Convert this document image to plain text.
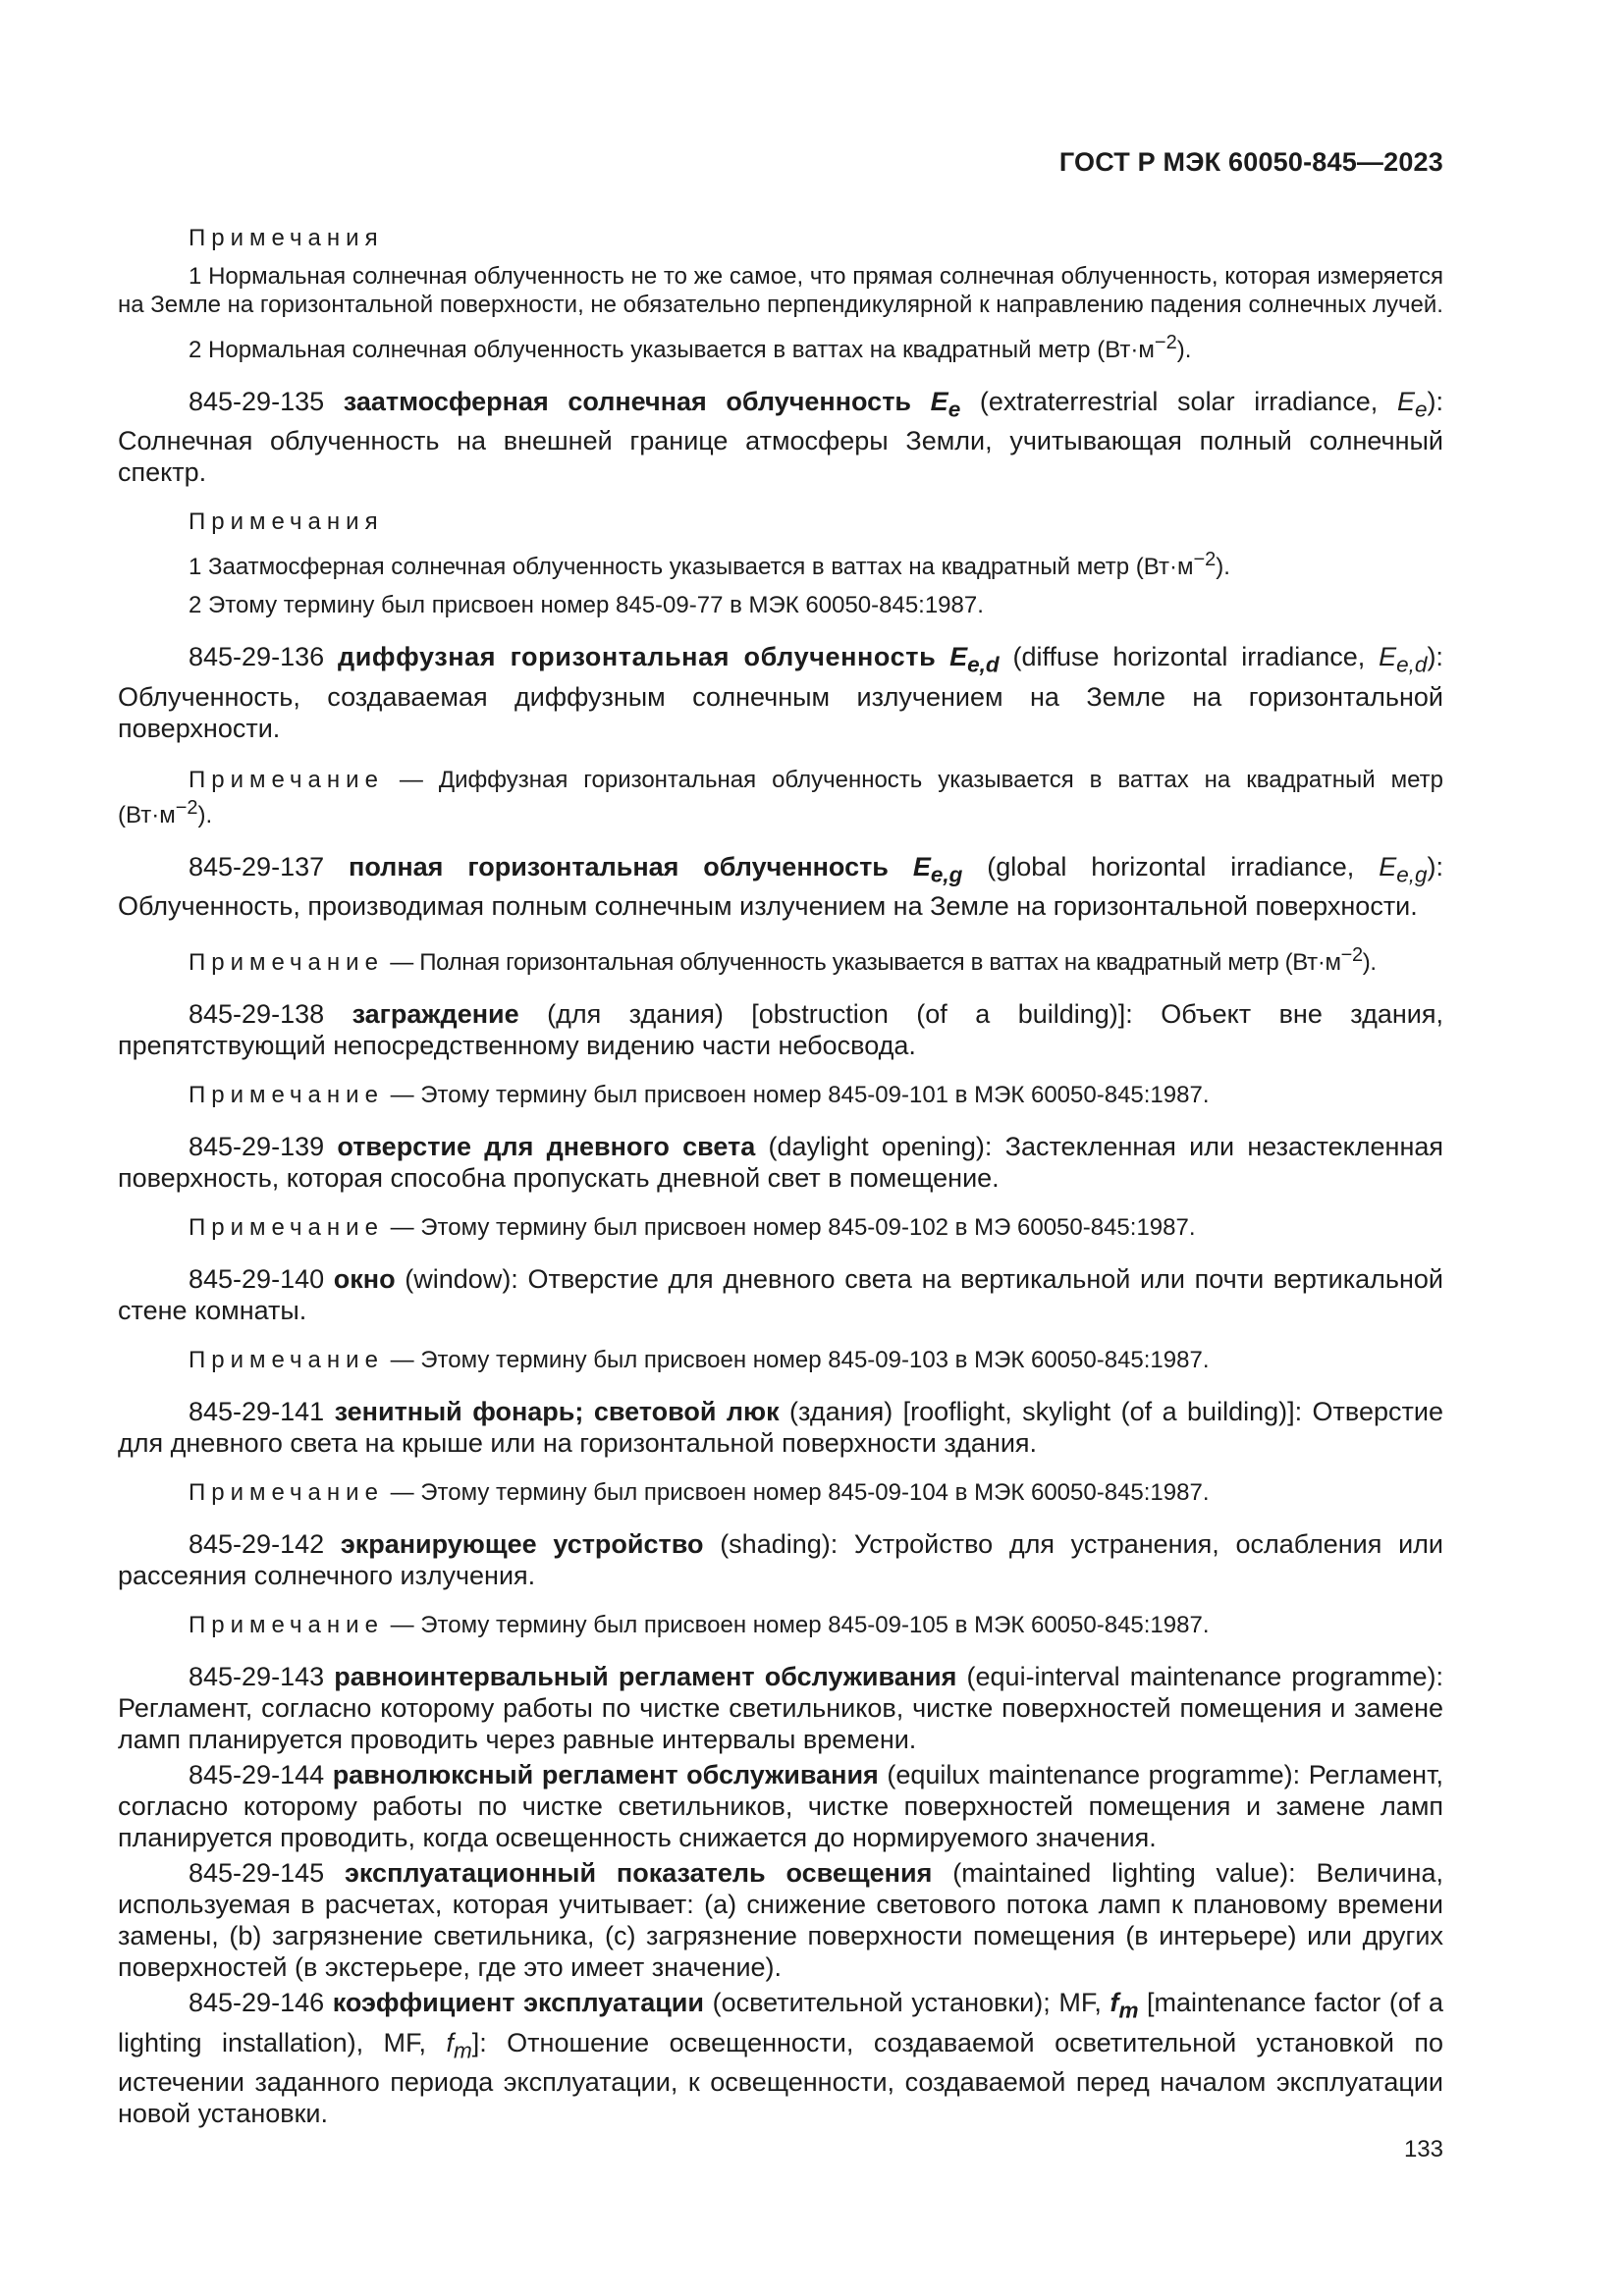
ГОСТ Р МЭК 60050-845—2023

Примечания

1 Нормальная солнечная облученность не то же самое, что прямая солнечная облученность, которая измеряется на Земле на горизонтальной поверхности, не обязательно перпендикулярной к направлению падения солнечных лучей.

2 Нормальная солнечная облученность указывается в ваттах на квадратный метр $(Вт\cdot м^{-2})$.

845-29-135 заатмосферная солнечная облученность $E_e$ (extraterrestrial solar irradiance, $E_e$): Солнечная облученность на внешней границе атмосферы Земли, учитывающая полный солнечный спектр.

Примечания

1 Заатмосферная солнечная облученность указывается в ваттах на квадратный метр $(Вт\cdot м^{-2})$.

2 Этому термину был присвоен номер 845-09-77 в МЭК 60050-845:1987.

845-29-136 диффузная горизонтальная облученность $E_{e,d}$ (diffuse horizontal irradiance, $E_{e,d}$): Облученность, создаваемая диффузным солнечным излучением на Земле на горизонтальной поверхности.

Примечание — Диффузная горизонтальная облученность указывается в ваттах на квадратный метр $(Вт\cdot м^{-2})$.

845-29-137 полная горизонтальная облученность $E_{e,g}$ (global horizontal irradiance, $E_{e,g}$): Облученность, производимая полным солнечным излучением на Земле на горизонтальной поверхности.

Примечание — Полная горизонтальная облученность указывается в ваттах на квадратный метр $(Вт\cdot м^{-2})$.

845-29-138 заграждение (для здания) [obstruction (of a building)]: Объект вне здания, препятствующий непосредственному видению части небосвода.

Примечание — Этому термину был присвоен номер 845-09-101 в МЭК 60050-845:1987.

845-29-139 отверстие для дневного света (daylight opening): Застекленная или незастекленная поверхность, которая способна пропускать дневной свет в помещение.

Примечание — Этому термину был присвоен номер 845-09-102 в МЭ 60050-845:1987.

845-29-140 окно (window): Отверстие для дневного света на вертикальной или почти вертикальной стене комнаты.

Примечание — Этому термину был присвоен номер 845-09-103 в МЭК 60050-845:1987.

845-29-141 зенитный фонарь; световой люк (здания) [rooflight, skylight (of a building)]: Отверстие для дневного света на крыше или на горизонтальной поверхности здания.

Примечание — Этому термину был присвоен номер 845-09-104 в МЭК 60050-845:1987.

845-29-142 экранирующее устройство (shading): Устройство для устранения, ослабления или рассеяния солнечного излучения.

Примечание — Этому термину был присвоен номер 845-09-105 в МЭК 60050-845:1987.

845-29-143 равноинтервальный регламент обслуживания (equi-interval maintenance programme): Регламент, согласно которому работы по чистке светильников, чистке поверхностей помещения и замене ламп планируется проводить через равные интервалы времени.

845-29-144 равнолюксный регламент обслуживания (equilux maintenance programme): Регламент, согласно которому работы по чистке светильников, чистке поверхностей помещения и замене ламп планируется проводить, когда освещенность снижается до нормируемого значения.

845-29-145 эксплуатационный показатель освещения (maintained lighting value): Величина, используемая в расчетах, которая учитывает: (a) снижение светового потока ламп к плановому времени замены, (b) загрязнение светильника, (c) загрязнение поверхности помещения (в интерьере) или других поверхностей (в экстерьере, где это имеет значение).

845-29-146 коэффициент эксплуатации (осветительной установки); MF, $f_m$ [maintenance factor (of a lighting installation), MF, $f_m$]: Отношение освещенности, создаваемой осветительной установкой по истечении заданного периода эксплуатации, к освещенности, создаваемой перед началом эксплуатации новой установки.

133
